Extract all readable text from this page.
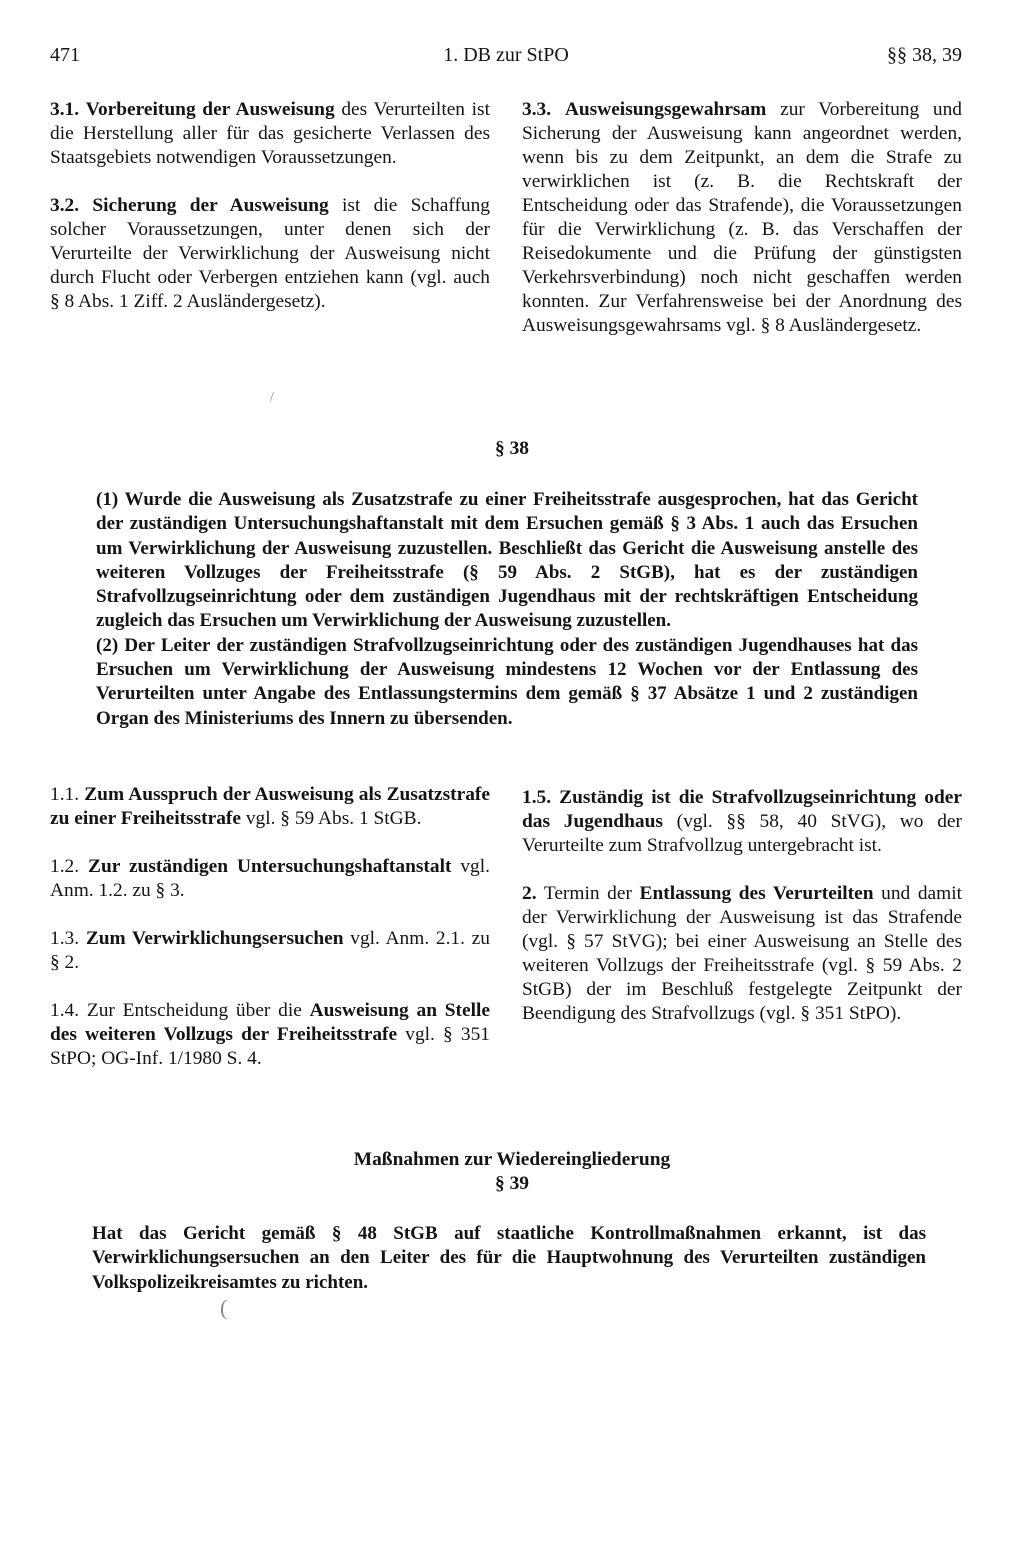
471	1. DB zur StPO	§§ 38, 39

3.1. Vorbereitung der Ausweisung des Verurteilten ist die Herstellung aller für das gesicherte Verlassen des Staatsgebiets notwendigen Voraussetzungen.

3.2. Sicherung der Ausweisung ist die Schaffung solcher Voraussetzungen, unter denen sich der Verurteilte der Verwirklichung der Ausweisung nicht durch Flucht oder Verbergen entziehen kann (vgl. auch § 8 Abs. 1 Ziff. 2 Ausländergesetz).

3.3. Ausweisungsgewahrsam zur Vorbereitung und Sicherung der Ausweisung kann angeordnet werden, wenn bis zu dem Zeitpunkt, an dem die Strafe zu verwirklichen ist (z. B. die Rechtskraft der Entscheidung oder das Strafende), die Voraussetzungen für die Verwirklichung (z. B. das Verschaffen der Reisedokumente und die Prüfung der günstigsten Verkehrsverbindung) noch nicht geschaffen werden konnten. Zur Verfahrensweise bei der Anordnung des Ausweisungsgewahrsams vgl. § 8 Ausländergesetz.

§ 38

(1) Wurde die Ausweisung als Zusatzstrafe zu einer Freiheitsstrafe ausgesprochen, hat das Gericht der zuständigen Untersuchungshaftanstalt mit dem Ersuchen gemäß § 3 Abs. 1 auch das Ersuchen um Verwirklichung der Ausweisung zuzustellen. Beschließt das Gericht die Ausweisung anstelle des weiteren Vollzuges der Freiheitsstrafe (§ 59 Abs. 2 StGB), hat es der zuständigen Strafvollzugseinrichtung oder dem zuständigen Jugendhaus mit der rechtskräftigen Entscheidung zugleich das Ersuchen um Verwirklichung der Ausweisung zuzustellen.

(2) Der Leiter der zuständigen Strafvollzugseinrichtung oder des zuständigen Jugendhauses hat das Ersuchen um Verwirklichung der Ausweisung mindestens 12 Wochen vor der Entlassung des Verurteilten unter Angabe des Entlassungstermins dem gemäß § 37 Absätze 1 und 2 zuständigen Organ des Ministeriums des Innern zu übersenden.

1.1. Zum Ausspruch der Ausweisung als Zusatzstrafe zu einer Freiheitsstrafe vgl. § 59 Abs. 1 StGB.

1.2. Zur zuständigen Untersuchungshaftanstalt vgl. Anm. 1.2. zu § 3.

1.3. Zum Verwirklichungsersuchen vgl. Anm. 2.1. zu § 2.

1.4. Zur Entscheidung über die Ausweisung an Stelle des weiteren Vollzugs der Freiheitsstrafe vgl. § 351 StPO; OG-Inf. 1/1980 S. 4.

1.5. Zuständig ist die Strafvollzugseinrichtung oder das Jugendhaus (vgl. §§ 58, 40 StVG), wo der Verurteilte zum Strafvollzug untergebracht ist.

2. Termin der Entlassung des Verurteilten und damit der Verwirklichung der Ausweisung ist das Strafende (vgl. § 57 StVG); bei einer Ausweisung an Stelle des weiteren Vollzugs der Freiheitsstrafe (vgl. § 59 Abs. 2 StGB) der im Beschluß festgelegte Zeitpunkt der Beendigung des Strafvollzugs (vgl. § 351 StPO).

Maßnahmen zur Wiedereingliederung
§ 39

Hat das Gericht gemäß § 48 StGB auf staatliche Kontrollmaßnahmen erkannt, ist das Verwirklichungsersuchen an den Leiter des für die Hauptwohnung des Verurteilten zuständigen Volkspolizeikreisamtes zu richten.

/
(
